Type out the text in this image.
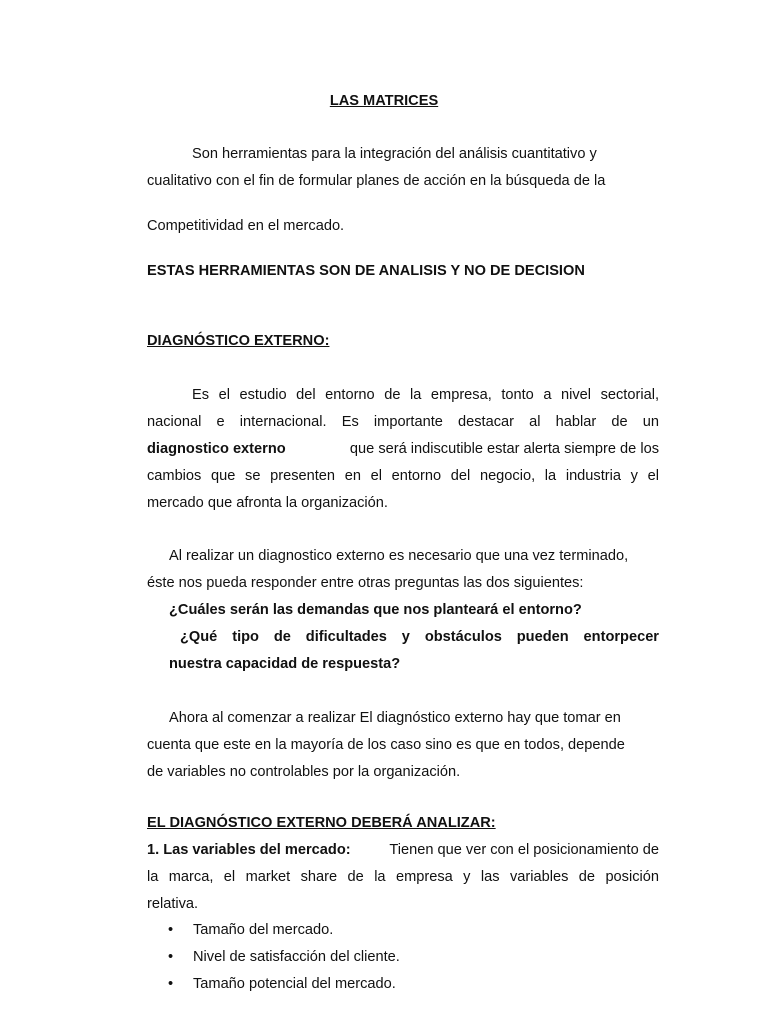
LAS MATRICES
Son herramientas para la integración del análisis cuantitativo y
cualitativo con el fin de formular planes de acción en la búsqueda de la
Competitividad en el mercado.
ESTAS HERRAMIENTAS SON DE ANALISIS Y NO DE DECISION
DIAGNÓSTICO EXTERNO:
Es el estudio del entorno de la empresa, tonto a nivel sectorial,
nacional e internacional. Es importante destacar al hablar de un
diagnostico externo	que será indiscutible estar alerta siempre de los
cambios que se presenten en el entorno del negocio, la industria y el
mercado que afronta la organización.
Al realizar un diagnostico externo es necesario que una vez terminado,
éste nos pueda responder entre otras preguntas las dos siguientes:
¿Cuáles serán las demandas que nos planteará el entorno?
¿Qué tipo de dificultades y obstáculos pueden entorpecer
nuestra capacidad de respuesta?
Ahora al comenzar a realizar El diagnóstico externo hay que tomar en
cuenta que este en la mayoría de los caso sino es que en todos, depende
de variables no controlables por la organización.
EL DIAGNÓSTICO EXTERNO DEBERÁ ANALIZAR:
1. Las variables del mercado:	Tienen que ver con el posicionamiento de
la marca, el market share de la empresa y las variables de posición
relativa.
• Tamaño del mercado.
• Nivel de satisfacción del cliente.
• Tamaño potencial del mercado.
